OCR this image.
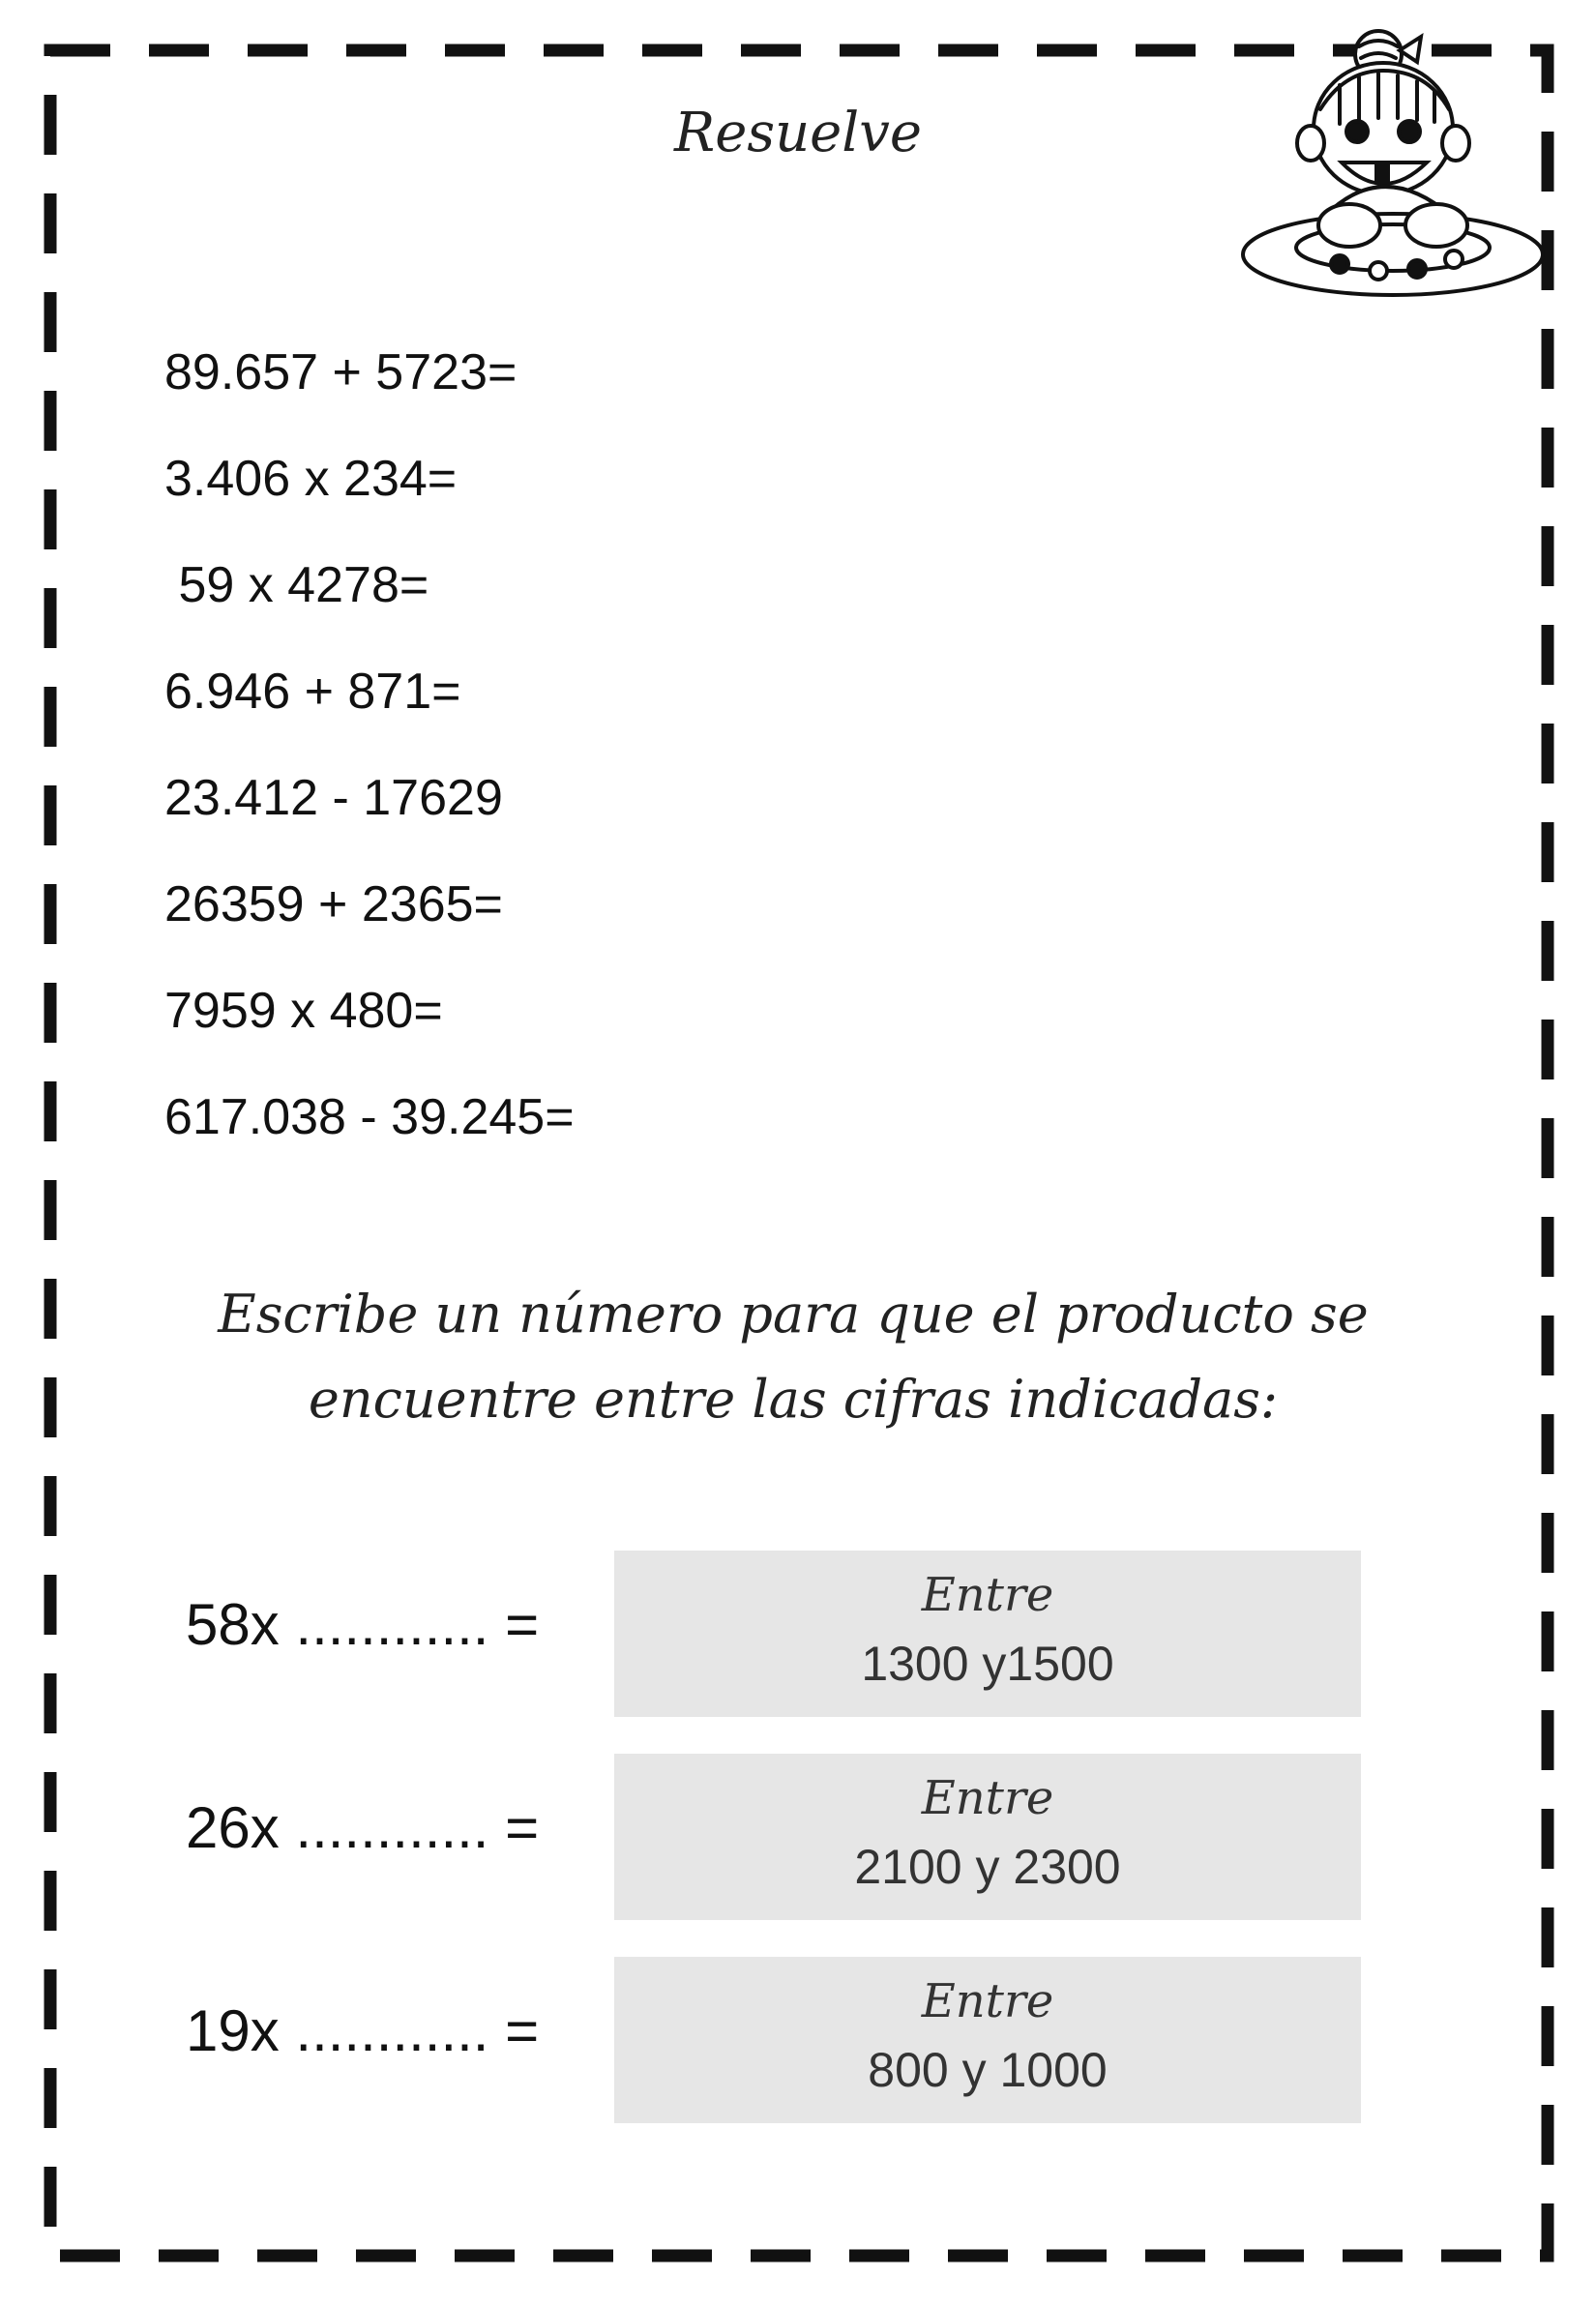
Resuelve
89.657 + 5723=
3.406 x 234=
59 x 4278=
6.946 + 871=
23.412 - 17629
26359 + 2365=
7959 x 480=
617.038 - 39.245=
Escribe un número para que el producto se
encuentre entre las cifras indicadas:
58x ............ =	Entre
1300 y1500
26x ............ =	Entre
2100 y 2300
19x ............ =	Entre
800 y 1000
